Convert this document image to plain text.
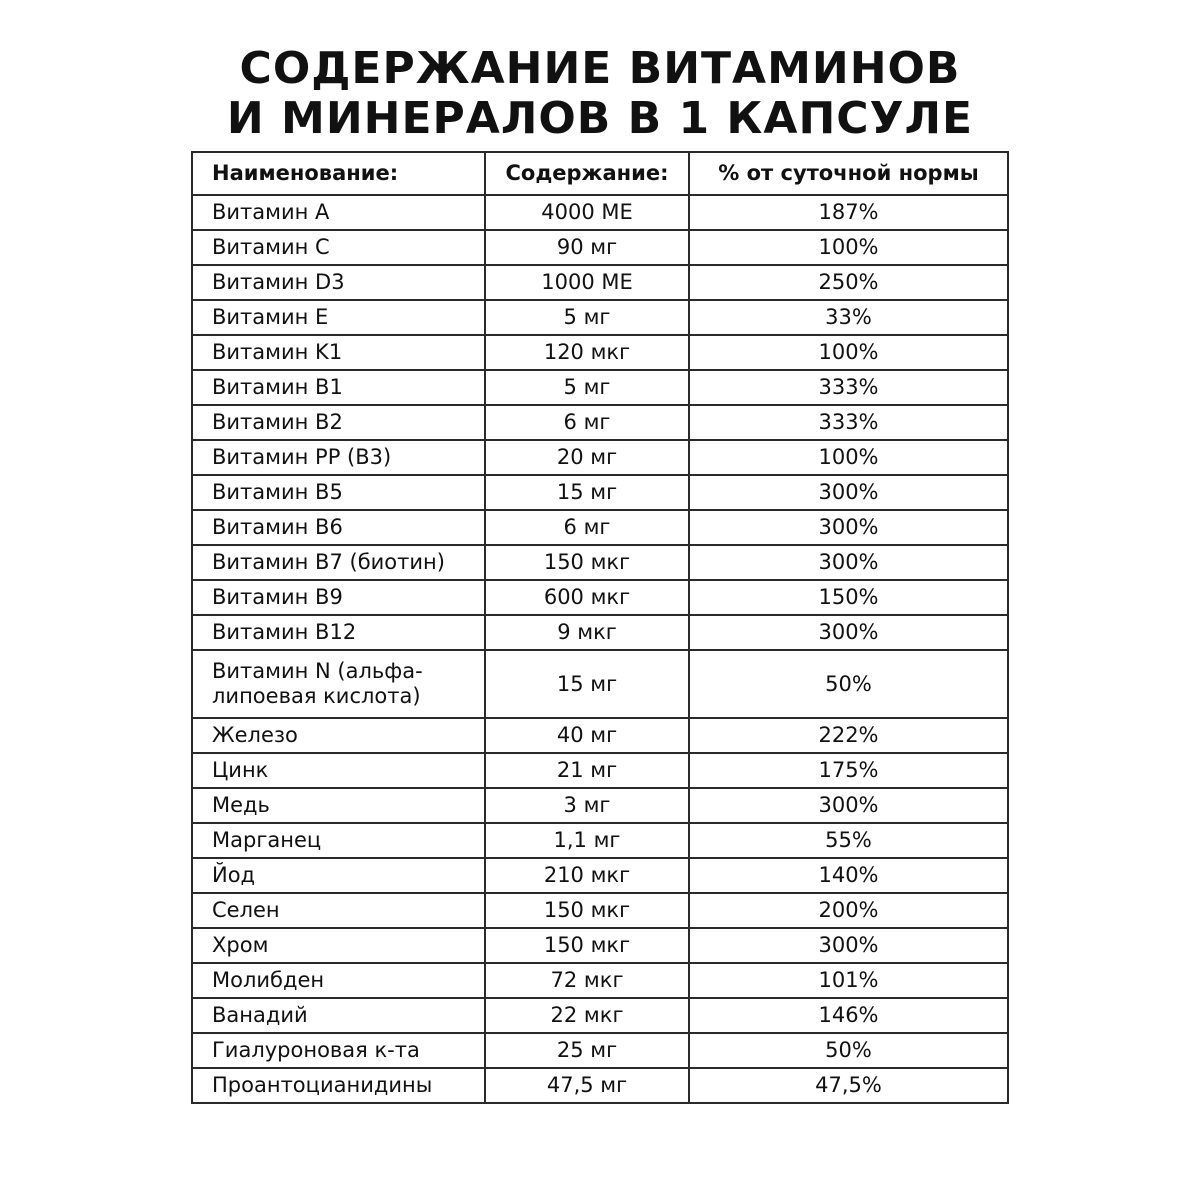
СОДЕРЖАНИЕ ВИТАМИНОВ
И МИНЕРАЛОВ В 1 КАПСУЛЕ
Наименование:	Содержание:	% от суточной нормы
Витамин А	4000 МЕ	187%
Витамин С	90 мг	100%
Витамин D3	1000 МЕ	250%
Витамин Е	5 мг	33%
Витамин K1	120 мкг	100%
Витамин B1	5 мг	333%
Витамин B2	6 мг	333%
Витамин PP (B3)	20 мг	100%
Витамин B5	15 мг	300%
Витамин B6	6 мг	300%
Витамин B7 (биотин)	150 мкг	300%
Витамин B9	600 мкг	150%
Витамин B12	9 мкг	300%
Витамин N (альфа-липоевая кислота)	15 мг	50%
Железо	40 мг	222%
Цинк	21 мг	175%
Медь	3 мг	300%
Марганец	1,1 мг	55%
Йод	210 мкг	140%
Селен	150 мкг	200%
Хром	150 мкг	300%
Молибден	72 мкг	101%
Ванадий	22 мкг	146%
Гиалуроновая к-та	25 мг	50%
Проантоцианидины	47,5 мг	47,5%
